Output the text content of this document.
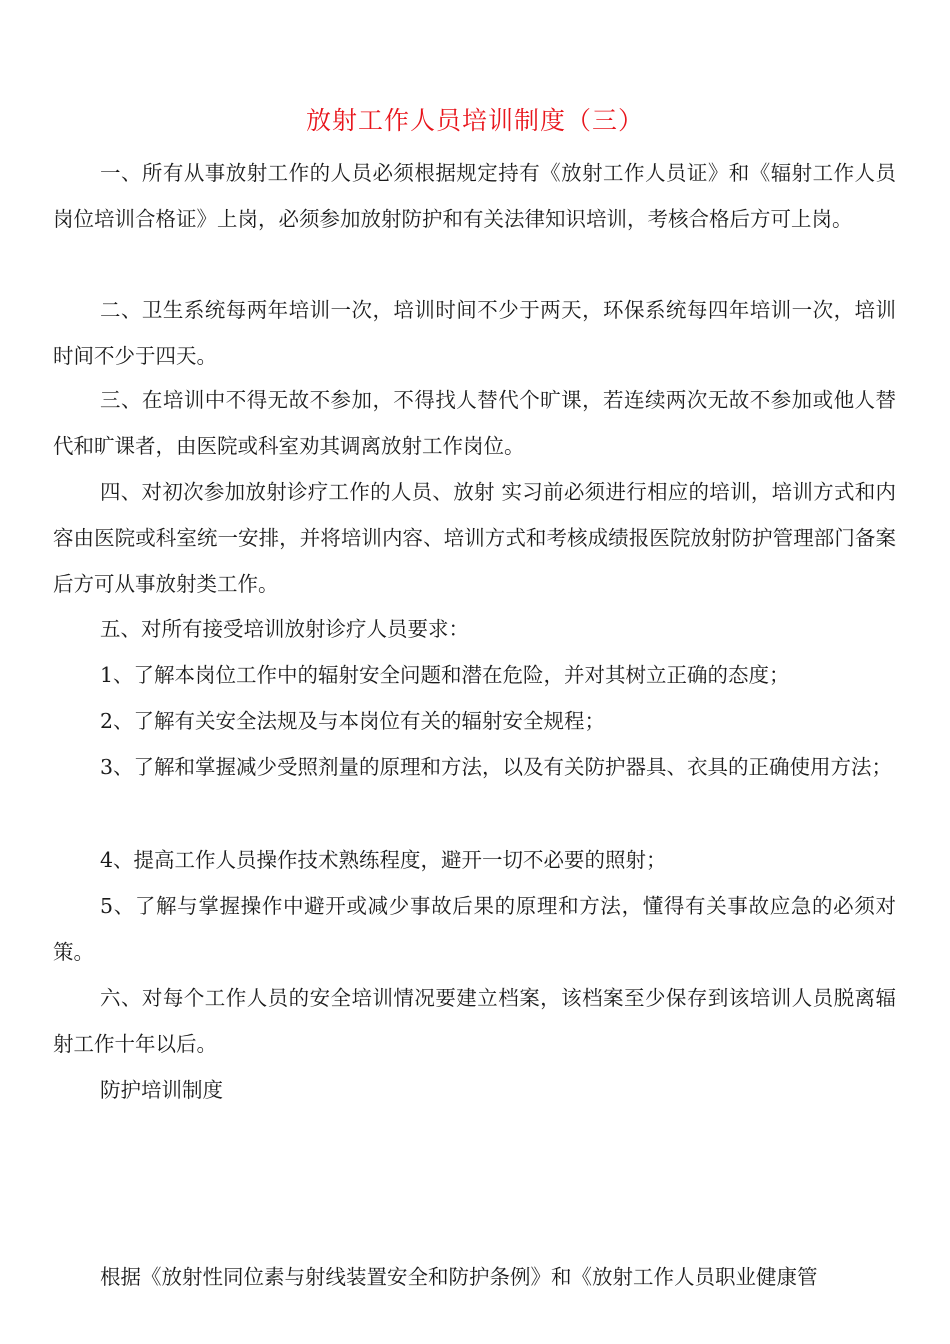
放射工作人员培训制度（三）
一、所有从事放射工作的人员必须根据规定持有《放射工作人员证》和《辐射工作人员岗位培训合格证》上岗，必须参加放射防护和有关法律知识培训，考核合格后方可上岗。
二、卫生系统每两年培训一次，培训时间不少于两天，环保系统每四年培训一次，培训时间不少于四天。
三、在培训中不得无故不参加，不得找人替代个旷课，若连续两次无故不参加或他人替代和旷课者，由医院或科室劝其调离放射工作岗位。
四、对初次参加放射诊疗工作的人员、放射 实习前必须进行相应的培训，培训方式和内容由医院或科室统一安排，并将培训内容、培训方式和考核成绩报医院放射防护管理部门备案后方可从事放射类工作。
五、对所有接受培训放射诊疗人员要求：
1、了解本岗位工作中的辐射安全问题和潜在危险，并对其树立正确的态度；
2、了解有关安全法规及与本岗位有关的辐射安全规程；
3、了解和掌握减少受照剂量的原理和方法，以及有关防护器具、衣具的正确使用方法；
4、提高工作人员操作技术熟练程度，避开一切不必要的照射；
5、了解与掌握操作中避开或减少事故后果的原理和方法，懂得有关事故应急的必须对策。
六、对每个工作人员的安全培训情况要建立档案，该档案至少保存到该培训人员脱离辐射工作十年以后。
防护培训制度
根据《放射性同位素与射线装置安全和防护条例》和《放射工作人员职业健康管
